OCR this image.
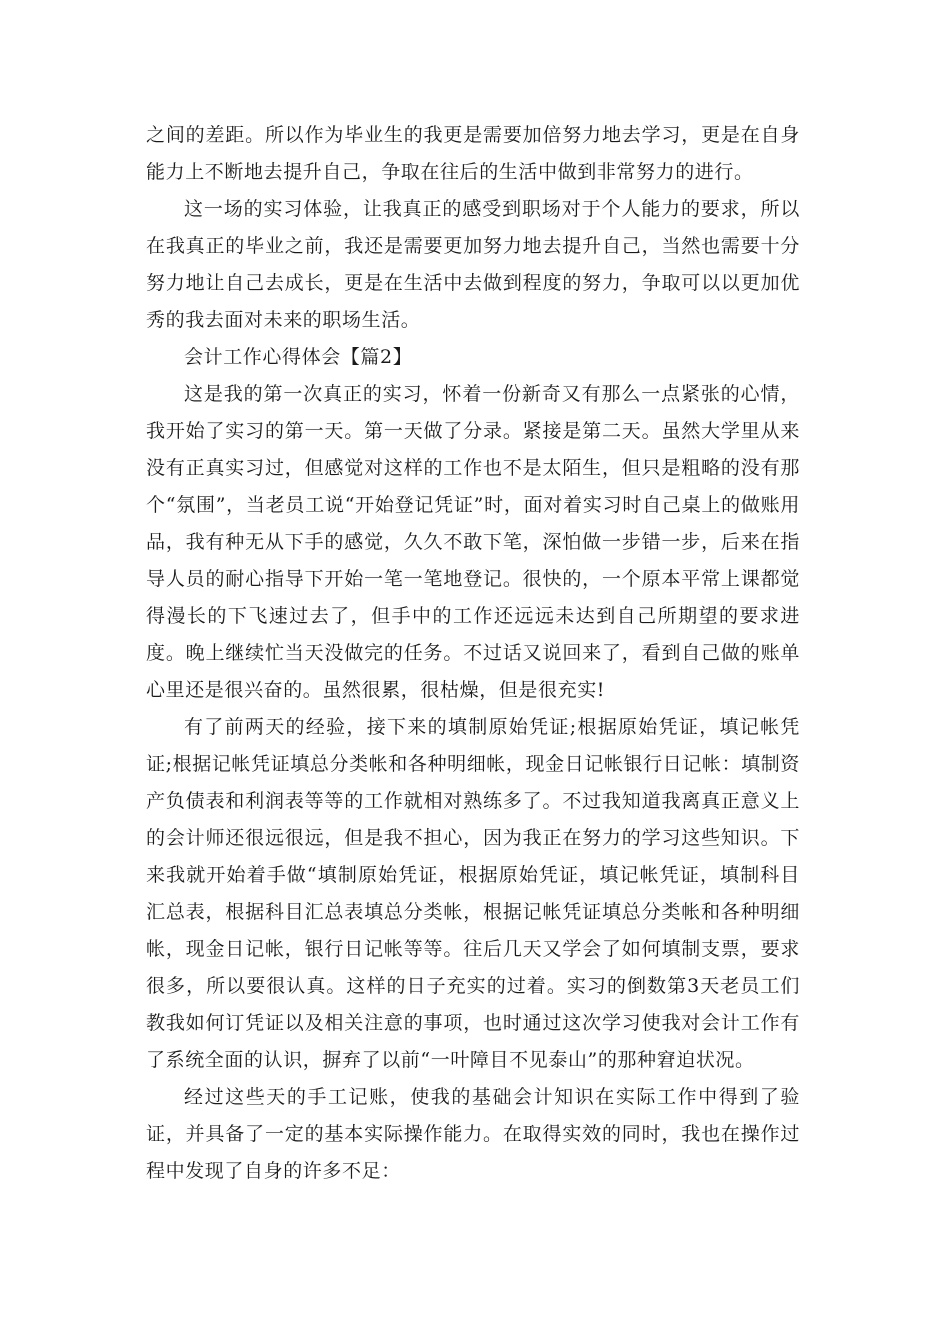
之间的差距。所以作为毕业生的我更是需要加倍努力地去学习，更是在自身能力上不断地去提升自己，争取在往后的生活中做到非常努力的进行。

这一场的实习体验，让我真正的感受到职场对于个人能力的要求，所以在我真正的毕业之前，我还是需要更加努力地去提升自己，当然也需要十分努力地让自己去成长，更是在生活中去做到程度的努力，争取可以以更加优秀的我去面对未来的职场生活。

会计工作心得体会【篇2】

这是我的第一次真正的实习，怀着一份新奇又有那么一点紧张的心情，我开始了实习的第一天。第一天做了分录。紧接是第二天。虽然大学里从来没有正真实习过，但感觉对这样的工作也不是太陌生，但只是粗略的没有那个“氛围”，当老员工说“开始登记凭证”时，面对着实习时自己桌上的做账用品，我有种无从下手的感觉，久久不敢下笔，深怕做一步错一步，后来在指导人员的耐心指导下开始一笔一笔地登记。很快的，一个原本平常上课都觉得漫长的下飞速过去了，但手中的工作还远远未达到自己所期望的要求进度。晚上继续忙当天没做完的任务。不过话又说回来了，看到自己做的账单心里还是很兴奋的。虽然很累，很枯燥，但是很充实!

有了前两天的经验，接下来的填制原始凭证;根据原始凭证，填记帐凭证;根据记帐凭证填总分类帐和各种明细帐，现金日记帐银行日记帐：填制资产负债表和利润表等等的工作就相对熟练多了。不过我知道我离真正意义上的会计师还很远很远，但是我不担心，因为我正在努力的学习这些知识。下来我就开始着手做“填制原始凭证，根据原始凭证，填记帐凭证，填制科目汇总表，根据科目汇总表填总分类帐，根据记帐凭证填总分类帐和各种明细帐，现金日记帐，银行日记帐等等。往后几天又学会了如何填制支票，要求很多，所以要很认真。这样的日子充实的过着。实习的倒数第3天老员工们教我如何订凭证以及相关注意的事项，也时通过这次学习使我对会计工作有了系统全面的认识，摒弃了以前“一叶障目不见泰山”的那种窘迫状况。

经过这些天的手工记账，使我的基础会计知识在实际工作中得到了验证，并具备了一定的基本实际操作能力。在取得实效的同时，我也在操作过程中发现了自身的许多不足：
